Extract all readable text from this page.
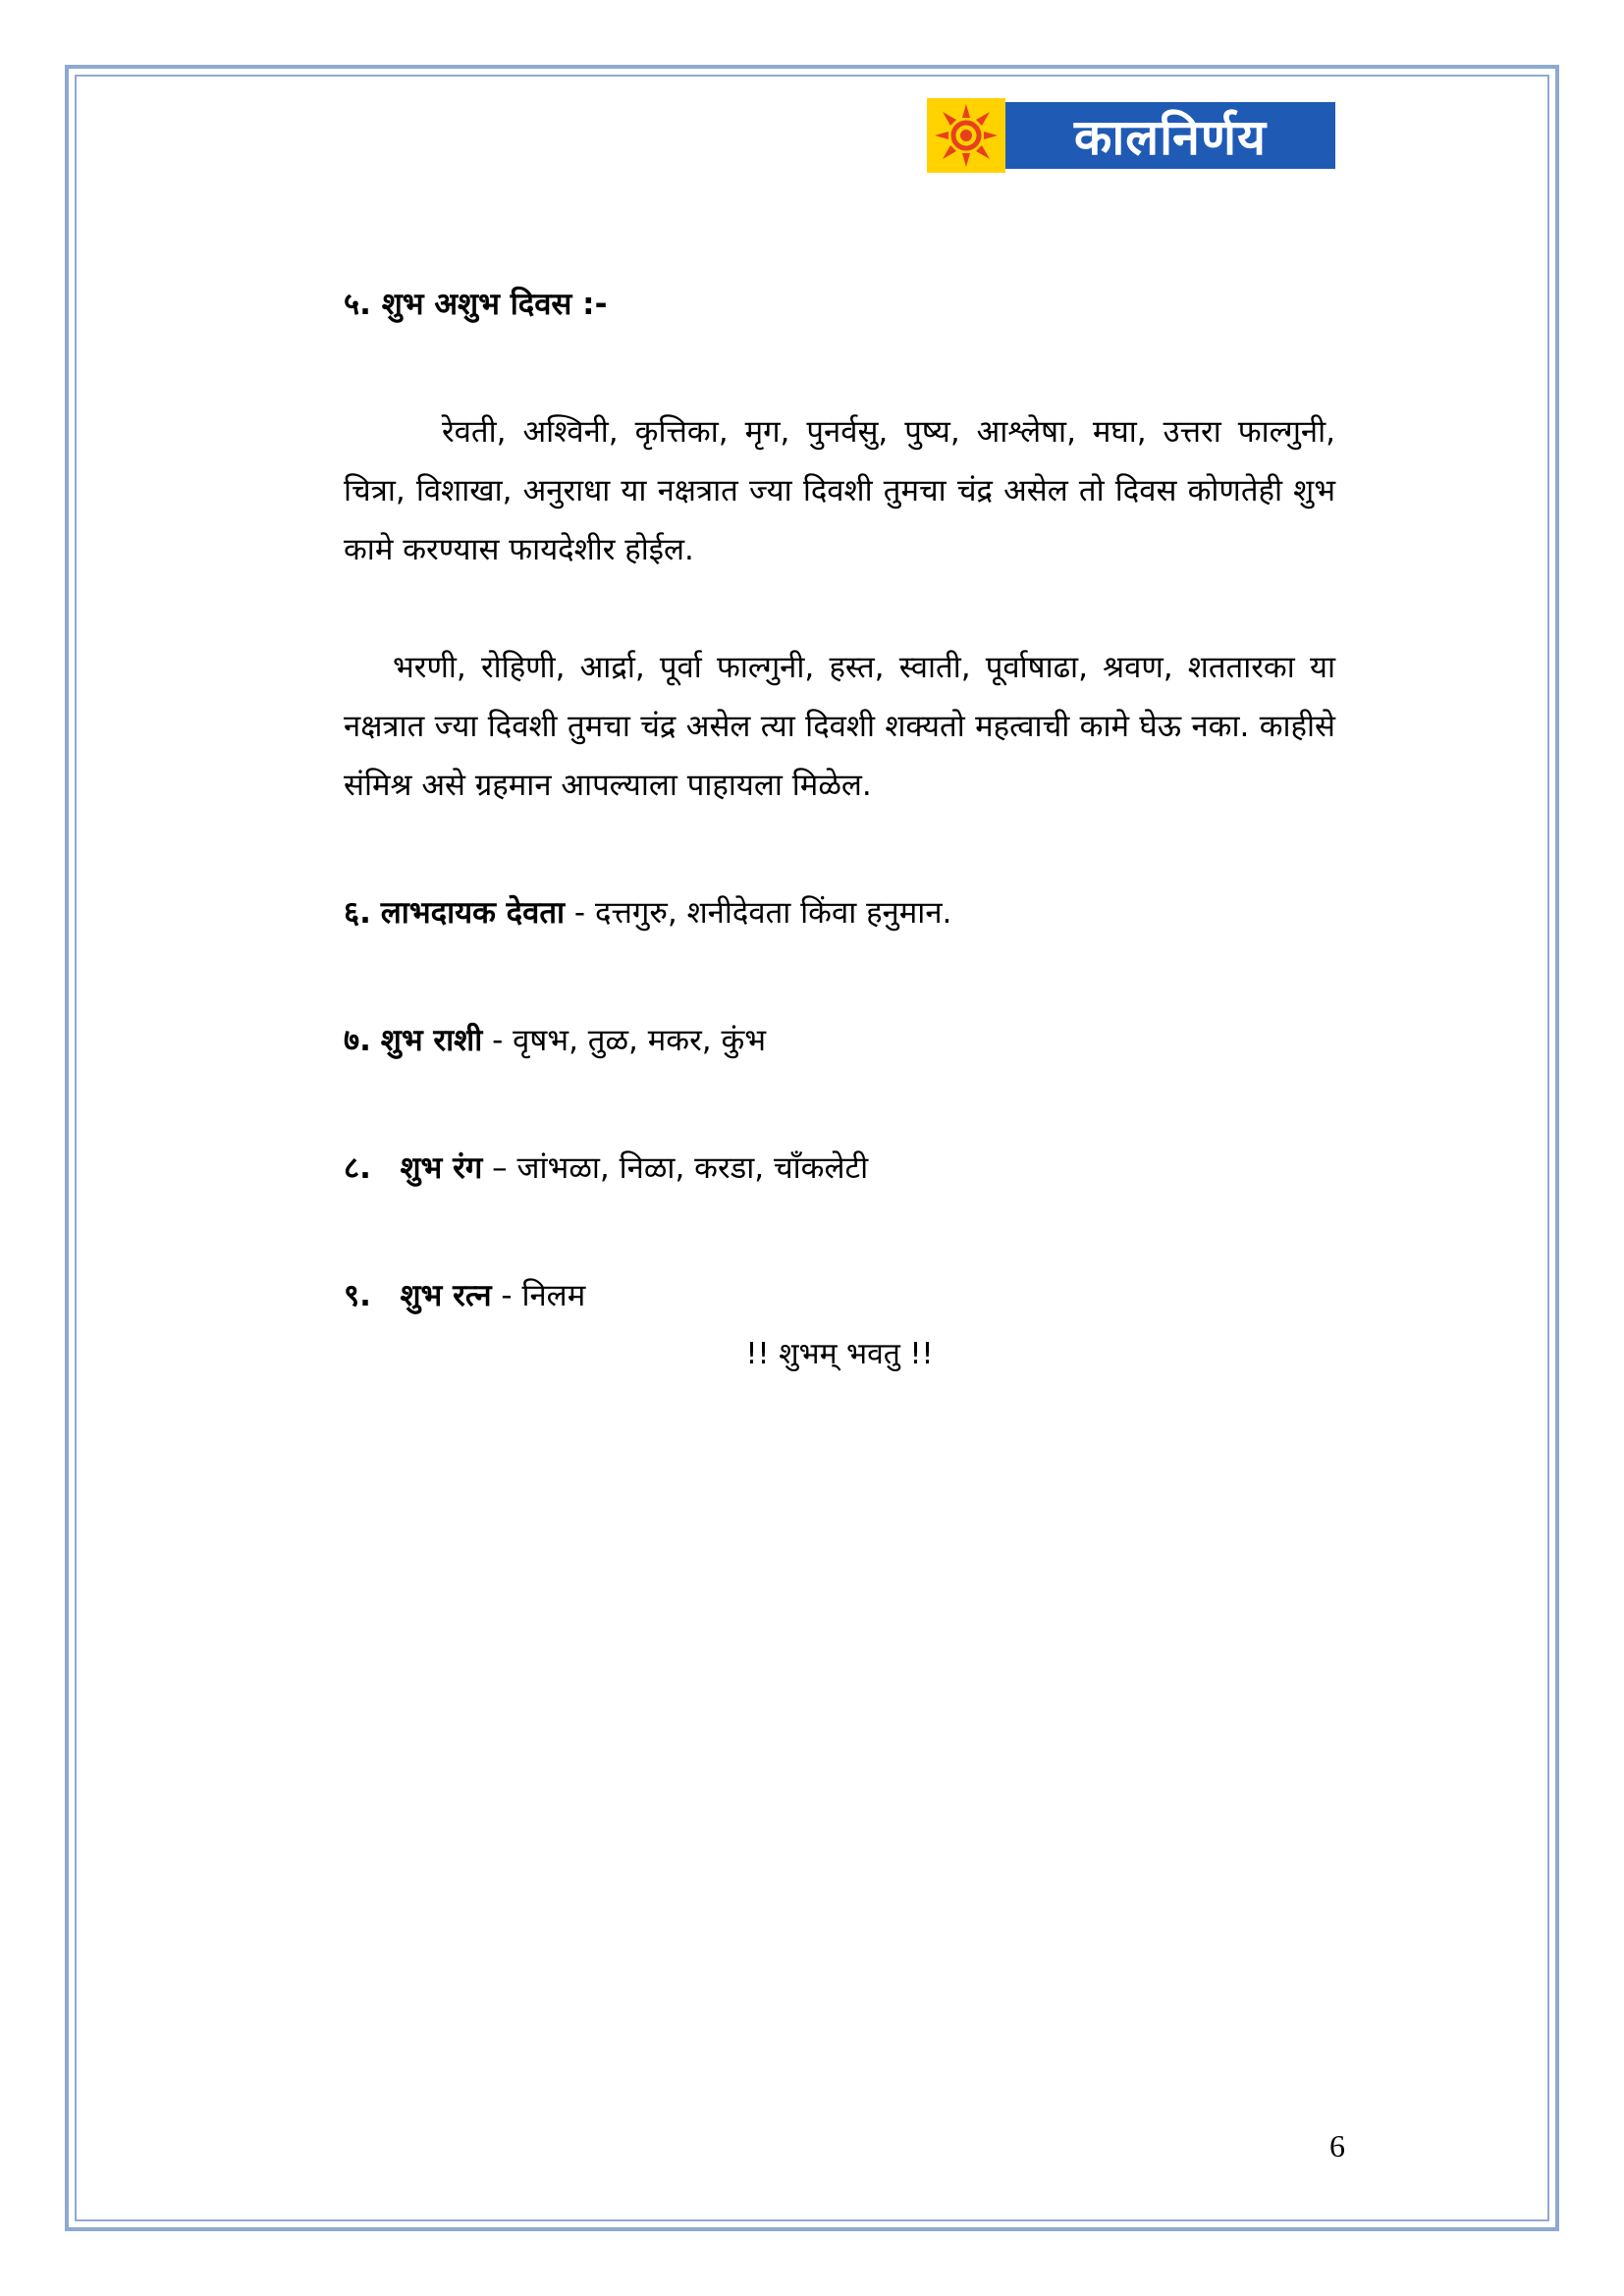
कालनिर्णय

५. शुभ अशुभ दिवस :-

रेवती, अश्विनी, कृत्तिका, मृग, पुनर्वसु, पुष्य, आश्लेषा, मघा, उत्तरा फाल्गुनी, चित्रा, विशाखा, अनुराधा या नक्षत्रात ज्या दिवशी तुमचा चंद्र असेल तो दिवस कोणतेही शुभ कामे करण्यास फायदेशीर होईल.

भरणी, रोहिणी, आर्द्रा, पूर्वा फाल्गुनी, हस्त, स्वाती, पूर्वाषाढा, श्रवण, शततारका या नक्षत्रात ज्या दिवशी तुमचा चंद्र असेल त्या दिवशी शक्यतो महत्वाची कामे घेऊ नका. काहीसे संमिश्र असे ग्रहमान आपल्याला पाहायला मिळेल.

६. लाभदायक देवता - दत्तगुरु, शनीदेवता किंवा हनुमान.

७. शुभ राशी - वृषभ, तुळ, मकर, कुंभ

८. शुभ रंग – जांभळा, निळा, करडा, चाँकलेटी

९. शुभ रत्न - निलम

!! शुभम् भवतु !!

6
